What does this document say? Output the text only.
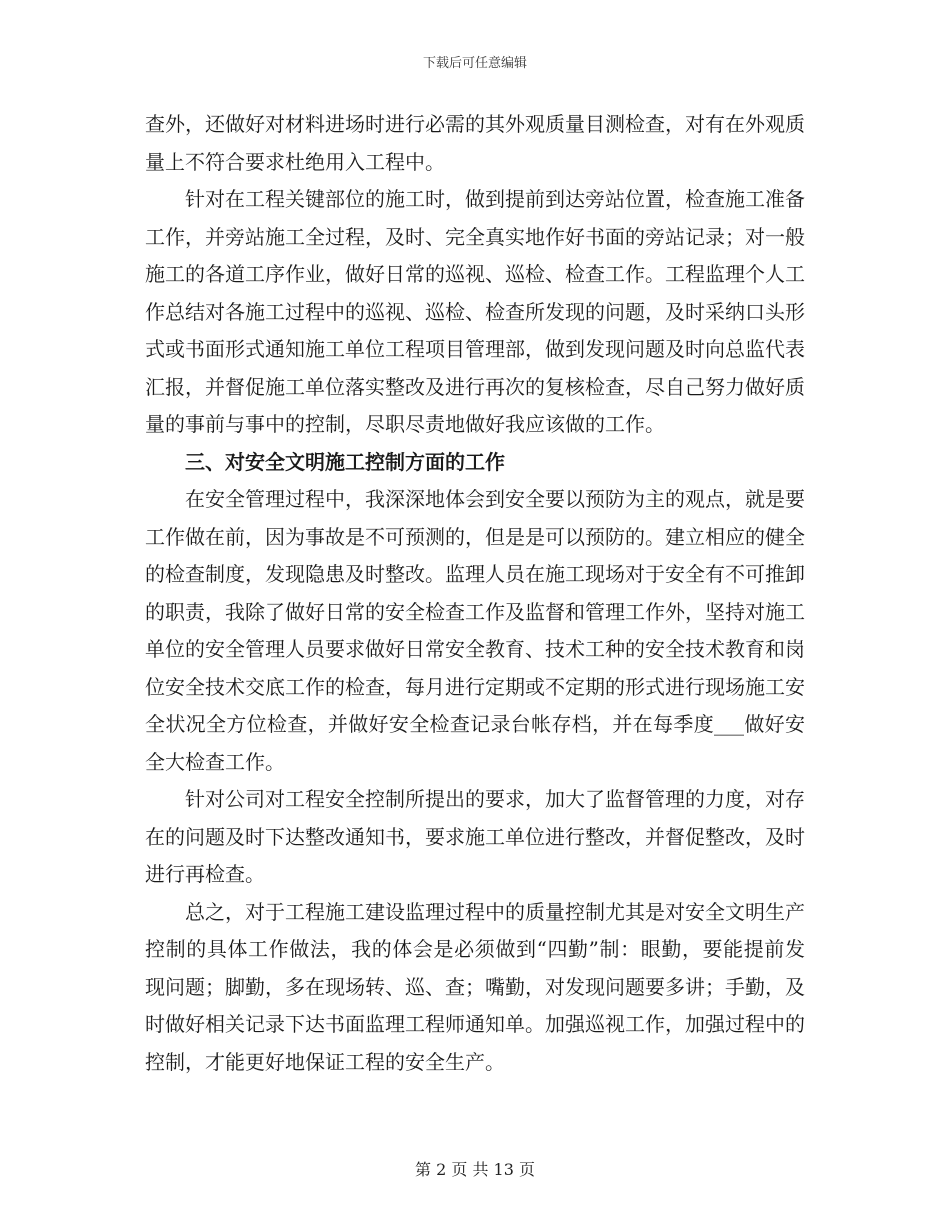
下载后可任意编辑

查外，还做好对材料进场时进行必需的其外观质量目测检查，对有在外观质量上不符合要求杜绝用入工程中。

针对在工程关键部位的施工时，做到提前到达旁站位置，检查施工准备工作，并旁站施工全过程，及时、完全真实地作好书面的旁站记录；对一般施工的各道工序作业，做好日常的巡视、巡检、检查工作。工程监理个人工作总结对各施工过程中的巡视、巡检、检查所发现的问题，及时采纳口头形式或书面形式通知施工单位工程项目管理部，做到发现问题及时向总监代表汇报，并督促施工单位落实整改及进行再次的复核检查，尽自己努力做好质量的事前与事中的控制，尽职尽责地做好我应该做的工作。

三、对安全文明施工控制方面的工作

在安全管理过程中，我深深地体会到安全要以预防为主的观点，就是要工作做在前，因为事故是不可预测的，但是是可以预防的。建立相应的健全的检查制度，发现隐患及时整改。监理人员在施工现场对于安全有不可推卸的职责，我除了做好日常的安全检查工作及监督和管理工作外，坚持对施工单位的安全管理人员要求做好日常安全教育、技术工种的安全技术教育和岗位安全技术交底工作的检查，每月进行定期或不定期的形式进行现场施工安全状况全方位检查，并做好安全检查记录台帐存档，并在每季度___做好安全大检查工作。

针对公司对工程安全控制所提出的要求，加大了监督管理的力度，对存在的问题及时下达整改通知书，要求施工单位进行整改，并督促整改，及时进行再检查。

总之，对于工程施工建设监理过程中的质量控制尤其是对安全文明生产控制的具体工作做法，我的体会是必须做到“四勤”制：眼勤，要能提前发现问题；脚勤，多在现场转、巡、查；嘴勤，对发现问题要多讲；手勤，及时做好相关记录下达书面监理工程师通知单。加强巡视工作，加强过程中的控制，才能更好地保证工程的安全生产。

第 2 页 共 13 页
